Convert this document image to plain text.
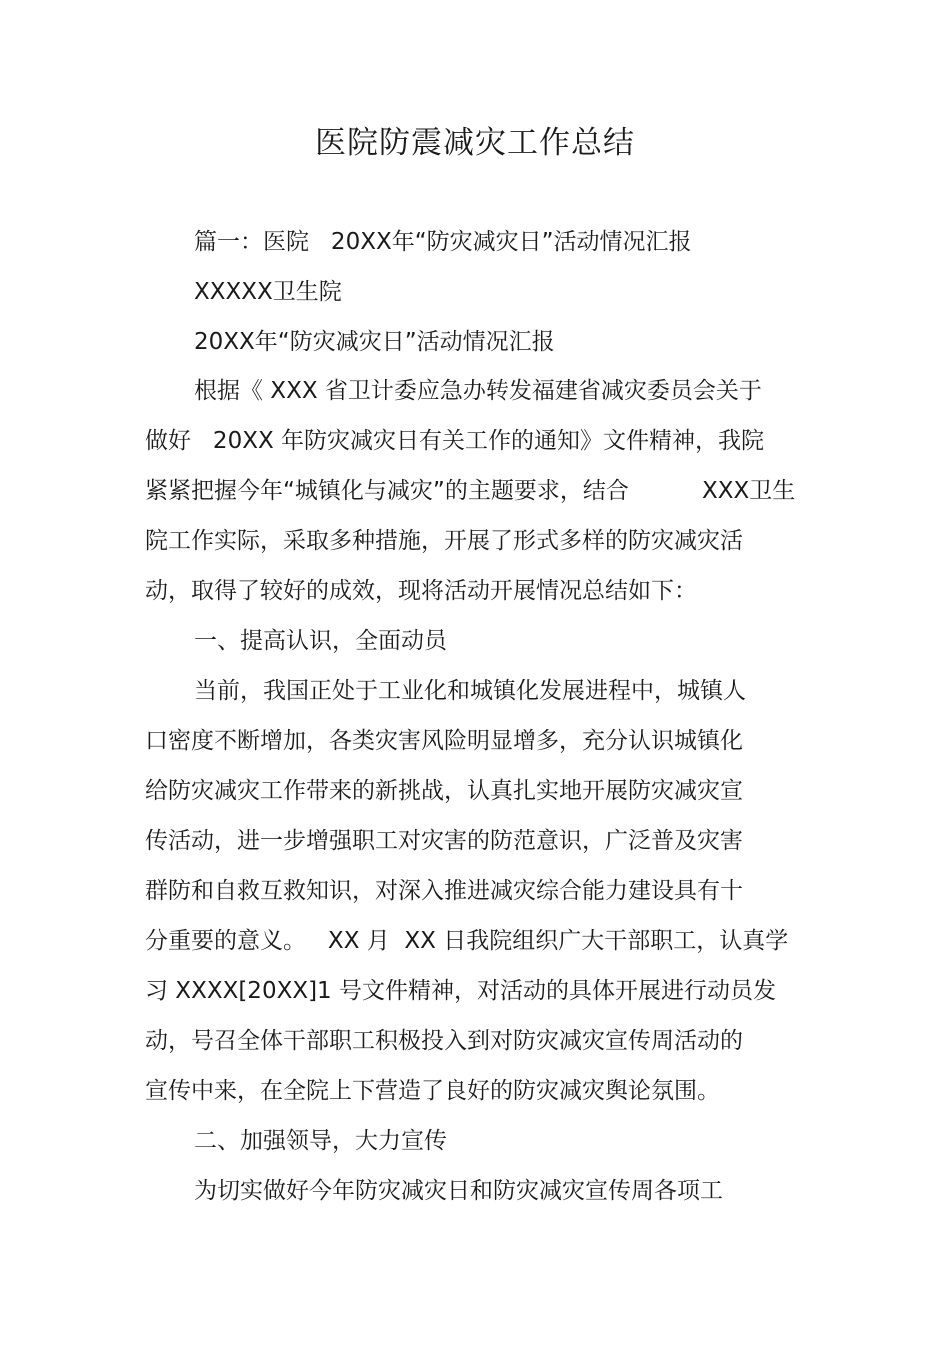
医院防震减灾工作总结
篇一：医院   20XX年“防灾减灾日”活动情况汇报
XXXXX卫生院
20XX年“防灾减灾日”活动情况汇报
根据《 XXX 省卫计委应急办转发福建省减灾委员会关于
做好   20XX 年防灾减灾日有关工作的通知》文件精神，我院
紧紧把握今年“城镇化与减灾”的主题要求，结合          XXX卫生
院工作实际，采取多种措施，开展了形式多样的防灾减灾活
动，取得了较好的成效，现将活动开展情况总结如下：
一、提高认识，全面动员
当前，我国正处于工业化和城镇化发展进程中，城镇人
口密度不断增加，各类灾害风险明显增多，充分认识城镇化
给防灾减灾工作带来的新挑战，认真扎实地开展防灾减灾宣
传活动，进一步增强职工对灾害的防范意识，广泛普及灾害
群防和自救互救知识，对深入推进减灾综合能力建设具有十
分重要的意义。   XX 月  XX 日我院组织广大干部职工，认真学
习 XXXX[20XX]1 号文件精神，对活动的具体开展进行动员发
动，号召全体干部职工积极投入到对防灾减灾宣传周活动的
宣传中来，在全院上下营造了良好的防灾减灾舆论氛围。
二、加强领导，大力宣传
为切实做好今年防灾减灾日和防灾减灾宣传周各项工
